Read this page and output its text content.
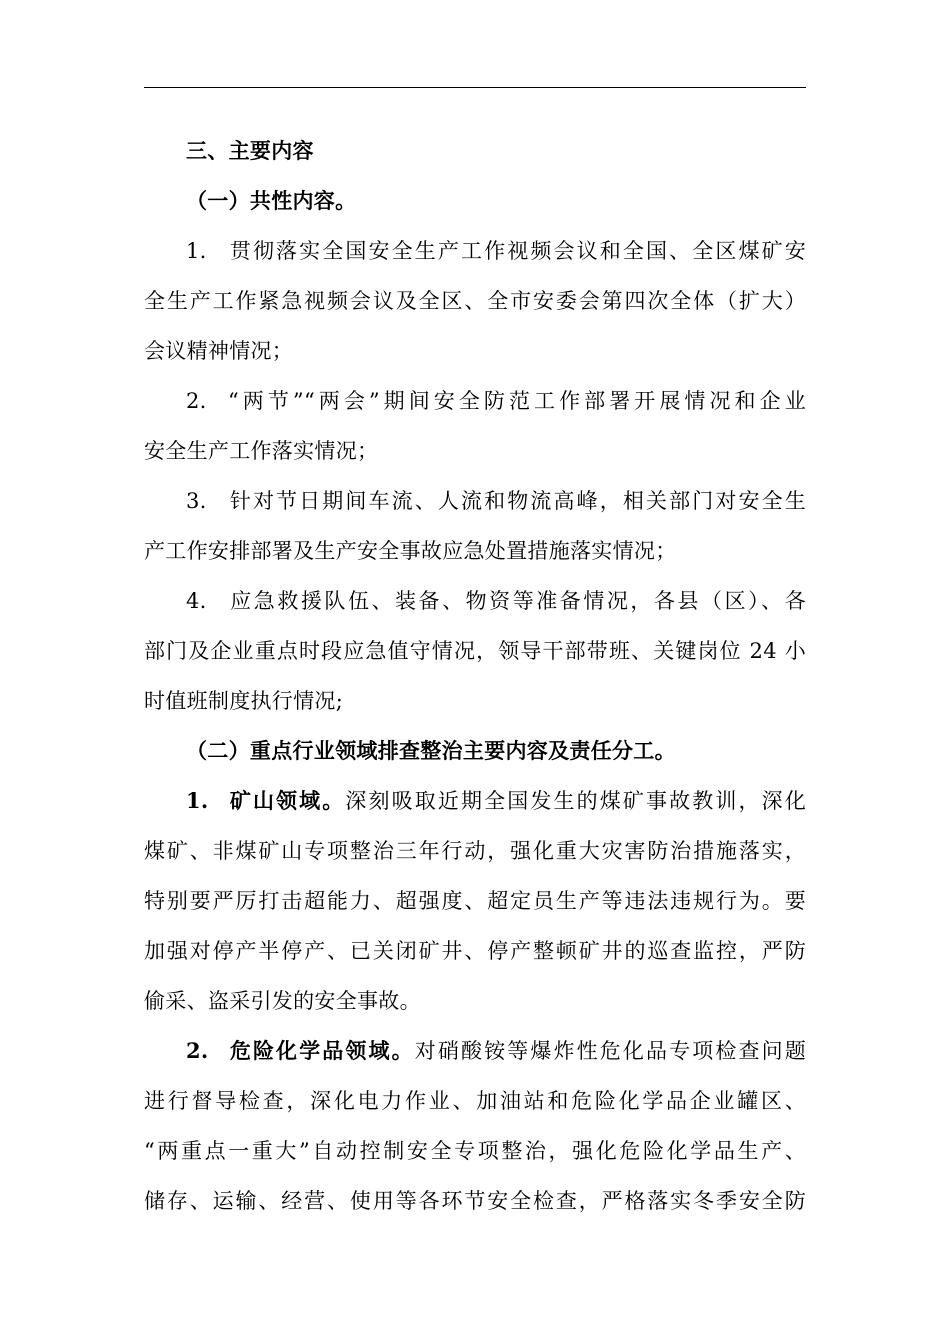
三、主要内容
（一）共性内容。
1. 贯彻落实全国安全生产工作视频会议和全国、全区煤矿安
全生产工作紧急视频会议及全区、全市安委会第四次全体（扩大）
会议精神情况；
2. “两节”“两会”期间安全防范工作部署开展情况和企业
安全生产工作落实情况；
3. 针对节日期间车流、人流和物流高峰，相关部门对安全生
产工作安排部署及生产安全事故应急处置措施落实情况；
4. 应急救援队伍、装备、物资等准备情况，各县（区）、各
部门及企业重点时段应急值守情况，领导干部带班、关键岗位 24 小
时值班制度执行情况;
（二）重点行业领域排查整治主要内容及责任分工。
1. 矿山领域。深刻吸取近期全国发生的煤矿事故教训，深化
煤矿、非煤矿山专项整治三年行动，强化重大灾害防治措施落实，
特别要严厉打击超能力、超强度、超定员生产等违法违规行为。要
加强对停产半停产、已关闭矿井、停产整顿矿井的巡查监控，严防
偷采、盗采引发的安全事故。
2. 危险化学品领域。对硝酸铵等爆炸性危化品专项检查问题
进行督导检查，深化电力作业、加油站和危险化学品企业罐区、
“两重点一重大”自动控制安全专项整治，强化危险化学品生产、
储存、运输、经营、使用等各环节安全检查，严格落实冬季安全防
